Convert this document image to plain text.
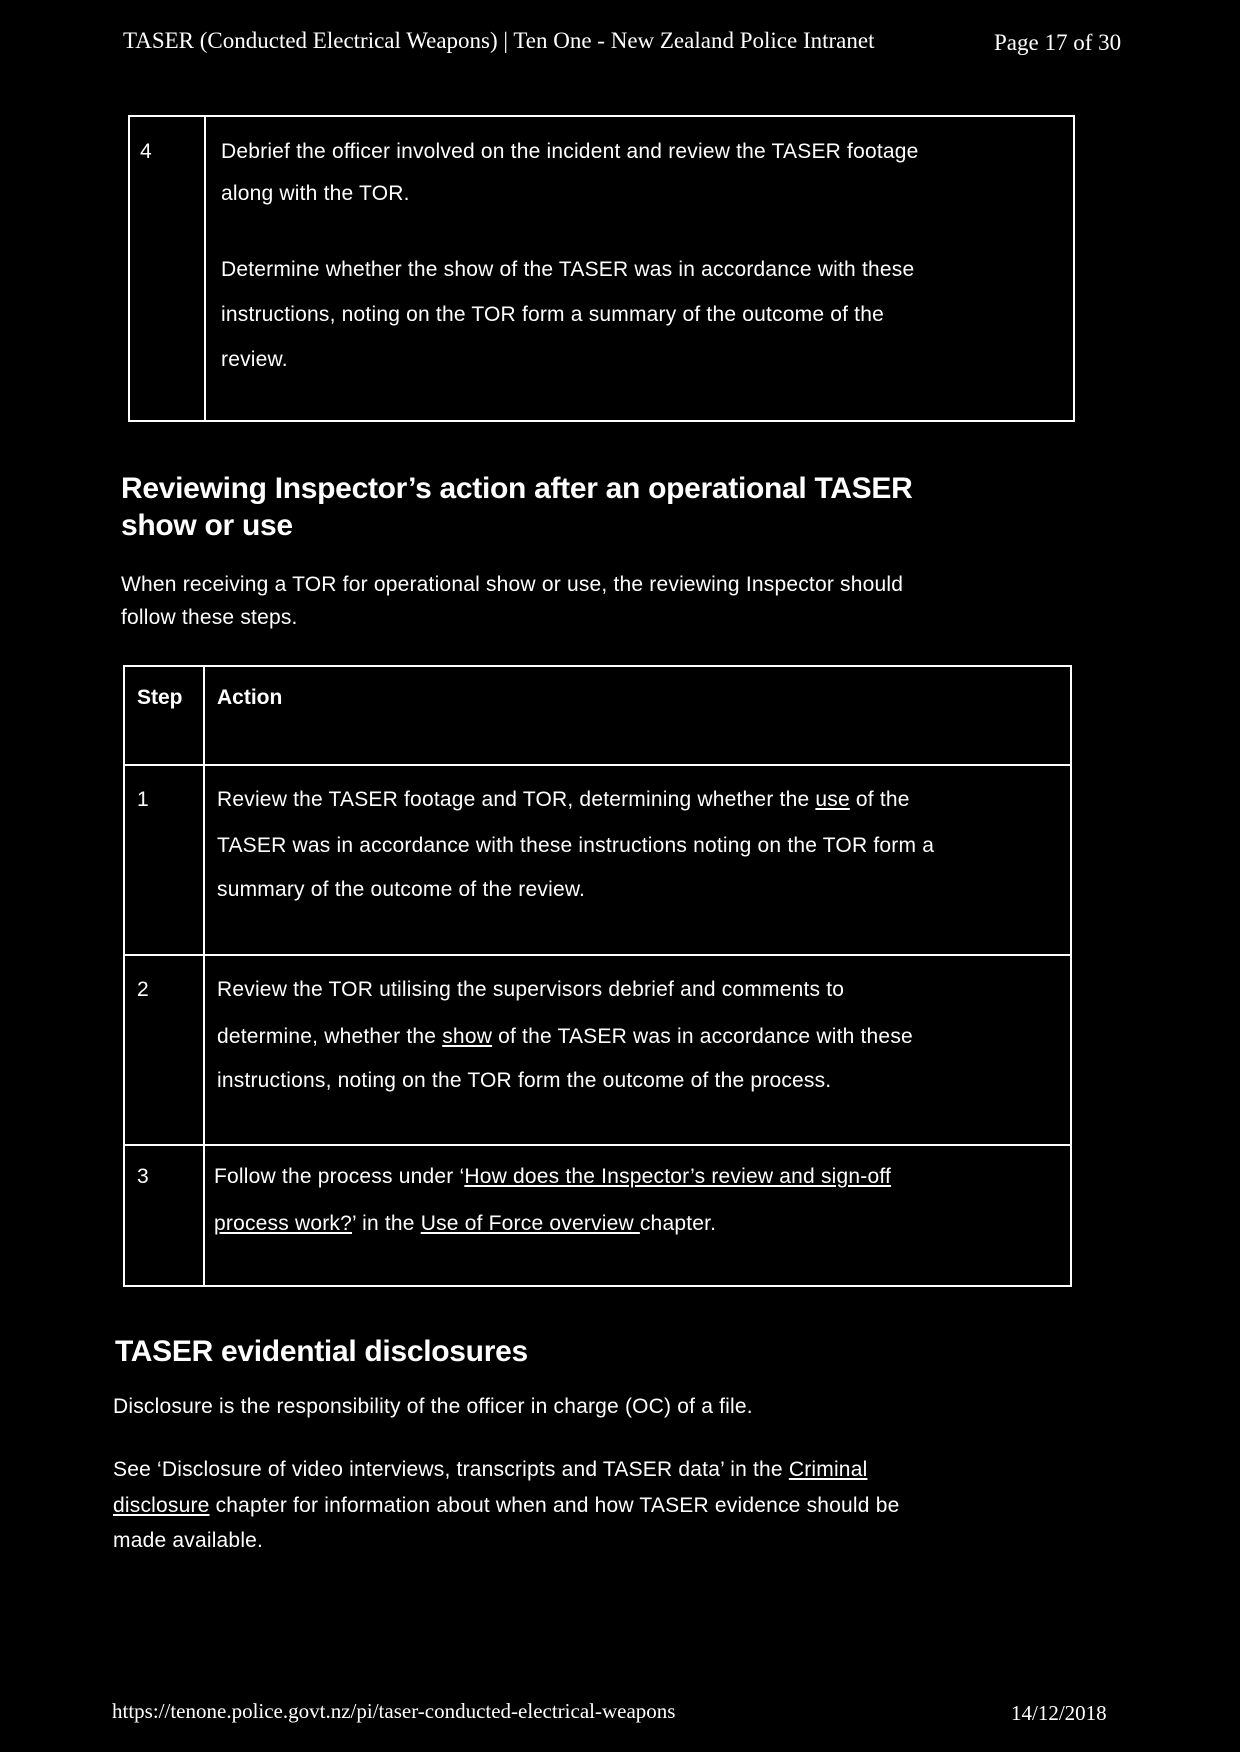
TASER (Conducted Electrical Weapons) | Ten One - New Zealand Police Intranet	Page 17 of 30
4	Debrief the officer involved on the incident and review the TASER footage
along with the TOR.
Determine whether the show of the TASER was in accordance with these
instructions, noting on the TOR form a summary of the outcome of the
review.
Reviewing Inspector’s action after an operational TASER
show or use
When receiving a TOR for operational show or use, the reviewing Inspector should
follow these steps.
Step Action
1	Review the TASER footage and TOR, determining whether the use of the
TASER was in accordance with these instructions noting on the TOR form a
summary of the outcome of the review.
2	Review the TOR utilising the supervisors debrief and comments to
determine, whether the show of the TASER was in accordance with these
instructions, noting on the TOR form the outcome of the process.
3	Follow the process under ‘How does the Inspector’s review and sign-off
process work?’ in the Use of Force overview chapter.
TASER evidential disclosures
Disclosure is the responsibility of the officer in charge (OC) of a file.
See ‘Disclosure of video interviews, transcripts and TASER data’ in the Criminal
disclosure chapter for information about when and how TASER evidence should be
made available.
https://tenone.police.govt.nz/pi/taser-conducted-electrical-weapons	14/12/2018
